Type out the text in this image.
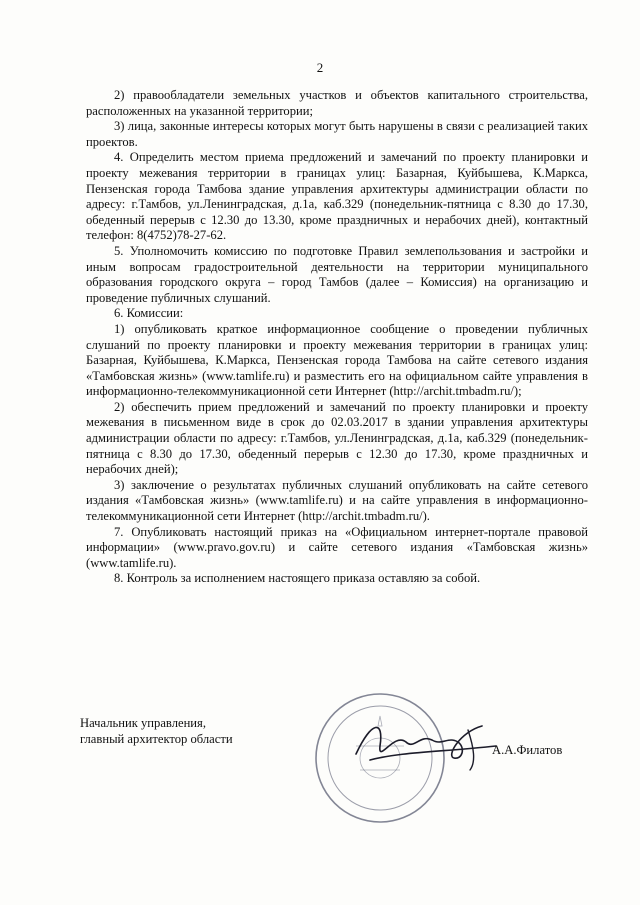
2

2) правообладатели земельных участков и объектов капитального строительства, расположенных на указанной территории;

3) лица, законные интересы которых могут быть нарушены в связи с реализацией таких проектов.

4. Определить местом приема предложений и замечаний по проекту планировки и проекту межевания территории в границах улиц: Базарная, Куйбышева, К.Маркса, Пензенская города Тамбова здание управления архитектуры администрации области по адресу: г.Тамбов, ул.Ленинградская, д.1а, каб.329 (понедельник-пятница с 8.30 до 17.30, обеденный перерыв с 12.30 до 13.30, кроме праздничных и нерабочих дней), контактный телефон: 8(4752)78-27-62.

5. Уполномочить комиссию по подготовке Правил землепользования и застройки и иным вопросам градостроительной деятельности на территории муниципального образования городского округа – город Тамбов (далее – Комиссия) на организацию и проведение публичных слушаний.

6. Комиссии:

1) опубликовать краткое информационное сообщение о проведении публичных слушаний по проекту планировки и проекту межевания территории в границах улиц: Базарная, Куйбышева, К.Маркса, Пензенская города Тамбова на сайте сетевого издания «Тамбовская жизнь» (www.tamlife.ru) и разместить его на официальном сайте управления в информационно-телекоммуникационной сети Интернет (http://archit.tmbadm.ru/);

2) обеспечить прием предложений и замечаний по проекту планировки и проекту межевания в письменном виде в срок до 02.03.2017 в здании управления архитектуры администрации области по адресу: г.Тамбов, ул.Ленинградская, д.1а, каб.329 (понедельник-пятница с 8.30 до 17.30, обеденный перерыв с 12.30 до 17.30, кроме праздничных и нерабочих дней);

3) заключение о результатах публичных слушаний опубликовать на сайте сетевого издания «Тамбовская жизнь» (www.tamlife.ru) и на сайте управления в информационно-телекоммуникационной сети Интернет (http://archit.tmbadm.ru/).

7. Опубликовать настоящий приказ на «Официальном интернет-портале правовой информации» (www.pravo.gov.ru) и сайте сетевого издания «Тамбовская жизнь» (www.tamlife.ru).

8. Контроль за исполнением настоящего приказа оставляю за собой.

Начальник управления,
главный архитектор области
А.А.Филатов
